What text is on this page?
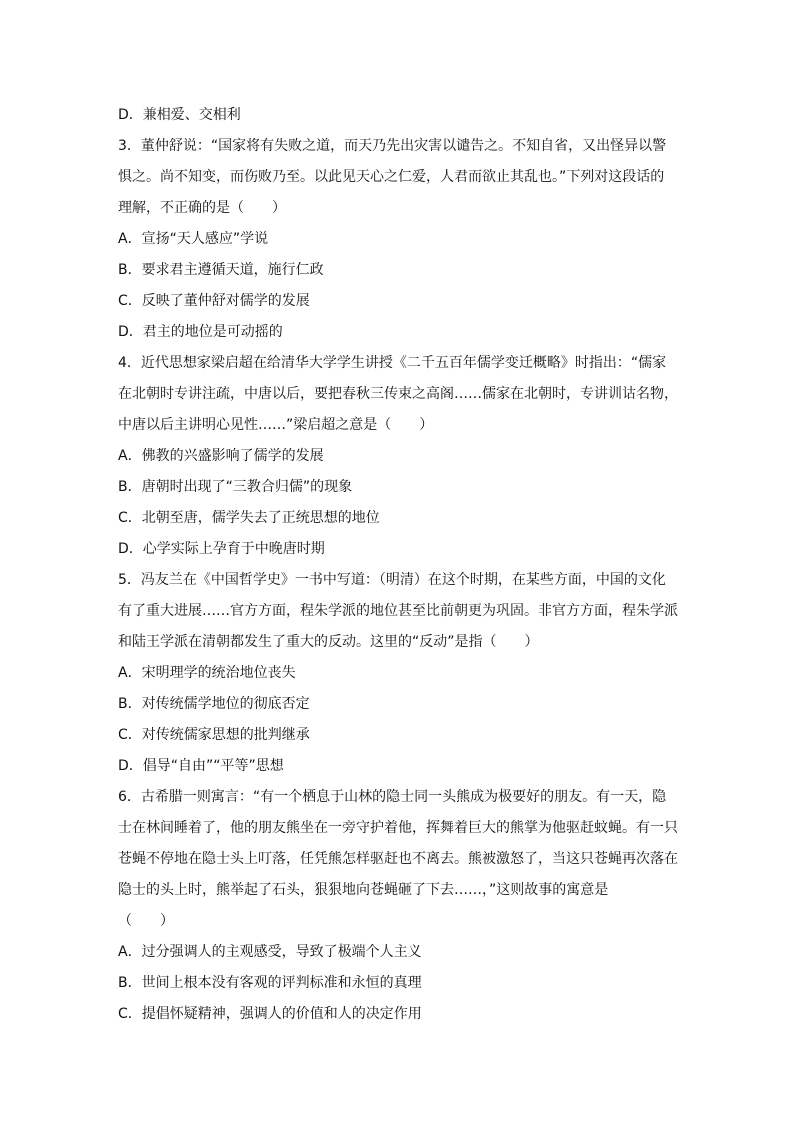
D．兼相爱、交相利

3．董仲舒说：“国家将有失败之道，而天乃先出灾害以谴告之。不知自省，又出怪异以警

惧之。尚不知变，而伤败乃至。以此见天心之仁爱，人君而欲止其乱也。”下列对这段话的

理解，不正确的是（　　）

A．宣扬“天人感应”学说

B．要求君主遵循天道，施行仁政

C．反映了董仲舒对儒学的发展

D．君主的地位是可动摇的

4．近代思想家梁启超在给清华大学学生讲授《二千五百年儒学变迁概略》时指出：“儒家

在北朝时专讲注疏，中唐以后，要把春秋三传束之高阁……儒家在北朝时，专讲训诂名物，

中唐以后主讲明心见性……”梁启超之意是（　　）

A．佛教的兴盛影响了儒学的发展

B．唐朝时出现了“三教合归儒”的现象

C．北朝至唐，儒学失去了正统思想的地位

D．心学实际上孕育于中晚唐时期

5．冯友兰在《中国哲学史》一书中写道：（明清）在这个时期，在某些方面，中国的文化

有了重大进展……官方方面，程朱学派的地位甚至比前朝更为巩固。非官方方面，程朱学派

和陆王学派在清朝都发生了重大的反动。这里的“反动”是指（　　）

A．宋明理学的统治地位丧失

B．对传统儒学地位的彻底否定

C．对传统儒家思想的批判继承

D．倡导“自由”“平等”思想

6．古希腊一则寓言：“有一个栖息于山林的隐士同一头熊成为极要好的朋友。有一天，隐

士在林间睡着了，他的朋友熊坐在一旁守护着他，挥舞着巨大的熊掌为他驱赶蚊蝇。有一只

苍蝇不停地在隐士头上叮落，任凭熊怎样驱赶也不离去。熊被激怒了，当这只苍蝇再次落在

隐士的头上时，熊举起了石头，狠狠地向苍蝇砸了下去……，”这则故事的寓意是

（　　）

A．过分强调人的主观感受，导致了极端个人主义

B．世间上根本没有客观的评判标准和永恒的真理

C．提倡怀疑精神，强调人的价值和人的决定作用
